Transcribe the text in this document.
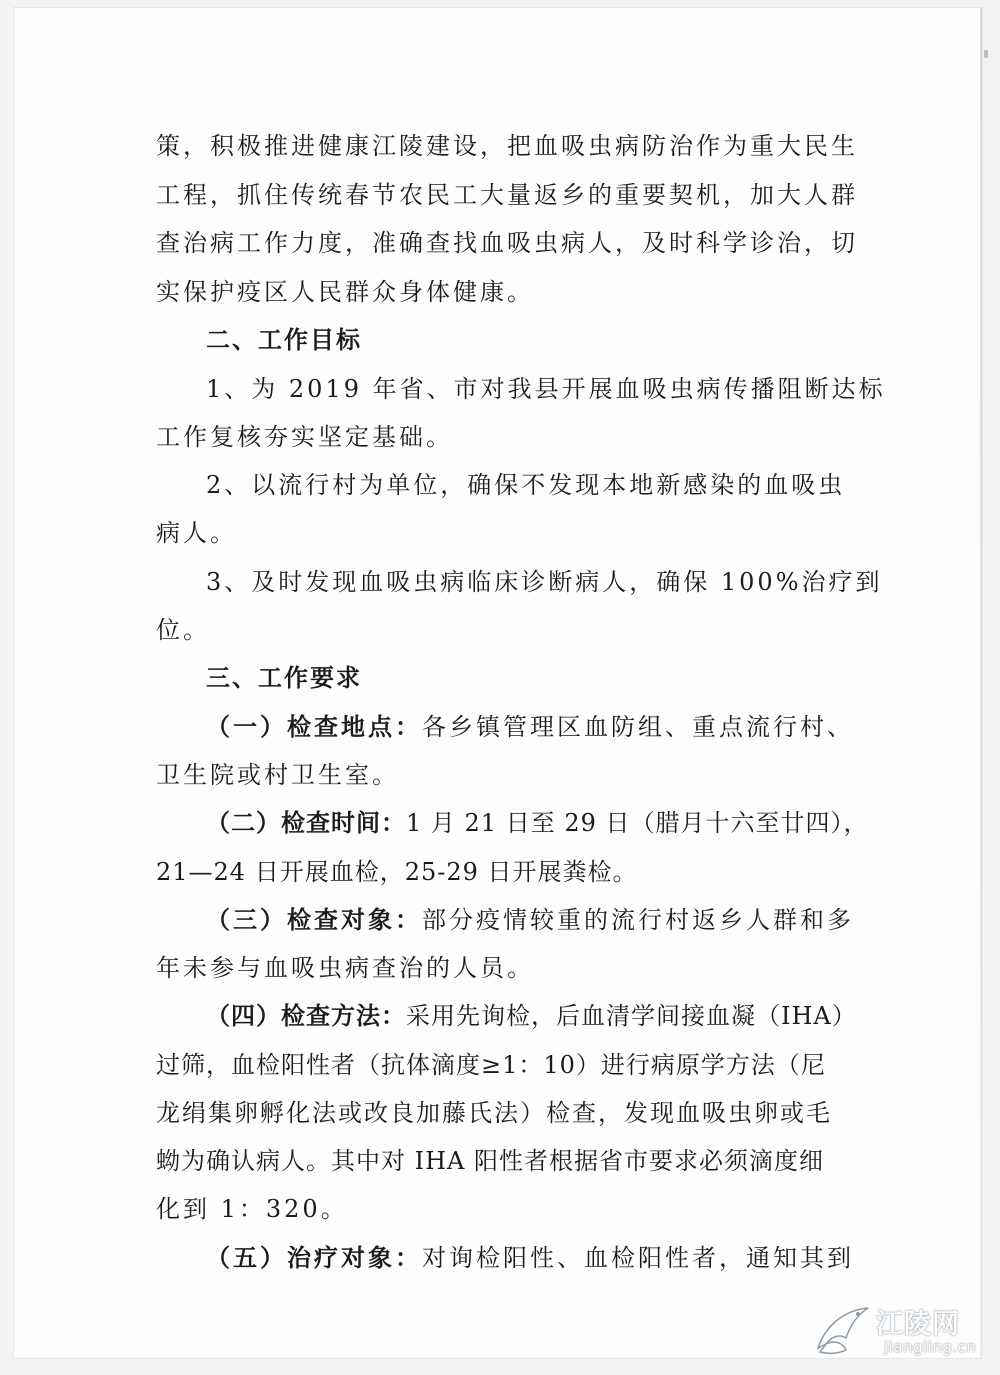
策，积极推进健康江陵建设，把血吸虫病防治作为重大民生
工程，抓住传统春节农民工大量返乡的重要契机，加大人群
查治病工作力度，准确查找血吸虫病人，及时科学诊治，切
实保护疫区人民群众身体健康。
二、工作目标
1、为 2019 年省、市对我县开展血吸虫病传播阻断达标
工作复核夯实坚定基础。
2、以流行村为单位，确保不发现本地新感染的血吸虫
病人。
3、及时发现血吸虫病临床诊断病人，确保 100%治疗到
位。
三、工作要求
（一）检查地点：各乡镇管理区血防组、重点流行村、
卫生院或村卫生室。
（二）检查时间：1 月 21 日至 29 日（腊月十六至廿四），
21—24 日开展血检，25-29 日开展粪检。
（三）检查对象：部分疫情较重的流行村返乡人群和多
年未参与血吸虫病查治的人员。
（四）检查方法：采用先询检，后血清学间接血凝（IHA）
过筛，血检阳性者（抗体滴度≥1：10）进行病原学方法（尼
龙绢集卵孵化法或改良加藤氏法）检查，发现血吸虫卵或毛
蚴为确认病人。其中对 IHA 阳性者根据省市要求必须滴度细
化到 1：320。
（五）治疗对象：对询检阳性、血检阳性者，通知其到
江陵网
jiangling.cn
